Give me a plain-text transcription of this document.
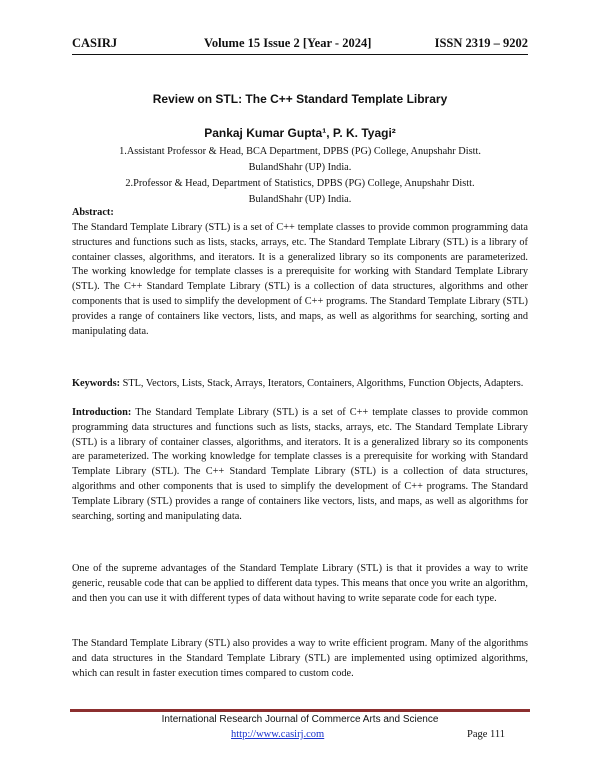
CASIRJ	Volume 15 Issue 2 [Year - 2024]	ISSN 2319 – 9202
Review on STL: The C++ Standard Template Library
Pankaj Kumar Gupta¹, P. K. Tyagi²
1.Assistant Professor & Head, BCA Department, DPBS (PG) College, Anupshahr Distt. BulandShahr (UP) India.
2.Professor & Head, Department of Statistics, DPBS (PG) College, Anupshahr Distt. BulandShahr (UP) India.
Abstract:
The Standard Template Library (STL) is a set of C++ template classes to provide common programming data structures and functions such as lists, stacks, arrays, etc. The Standard Template Library (STL) is a library of container classes, algorithms, and iterators. It is a generalized library so its components are parameterized. The working knowledge for template classes is a prerequisite for working with Standard Template Library (STL). The C++ Standard Template Library (STL) is a collection of data structures, algorithms and other components that is used to simplify the development of C++ programs. The Standard Template Library (STL) provides a range of containers like vectors, lists, and maps, as well as algorithms for searching, sorting and manipulating data.
Keywords: STL, Vectors, Lists, Stack, Arrays, Iterators, Containers, Algorithms, Function Objects, Adapters.
Introduction: The Standard Template Library (STL) is a set of C++ template classes to provide common programming data structures and functions such as lists, stacks, arrays, etc. The Standard Template Library (STL) is a library of container classes, algorithms, and iterators. It is a generalized library so its components are parameterized. The working knowledge for template classes is a prerequisite for working with Standard Template Library (STL). The C++ Standard Template Library (STL) is a collection of data structures, algorithms and other components that is used to simplify the development of C++ programs. The Standard Template Library (STL) provides a range of containers like vectors, lists, and maps, as well as algorithms for searching, sorting and manipulating data.
One of the supreme advantages of the Standard Template Library (STL) is that it provides a way to write generic, reusable code that can be applied to different data types. This means that once you write an algorithm, and then you can use it with different types of data without having to write separate code for each type.
The Standard Template Library (STL) also provides a way to write efficient program. Many of the algorithms and data structures in the Standard Template Library (STL) are implemented using optimized algorithms, which can result in faster execution times compared to custom code.
International Research Journal of Commerce Arts and Science
http://www.casirj.com	Page 111
